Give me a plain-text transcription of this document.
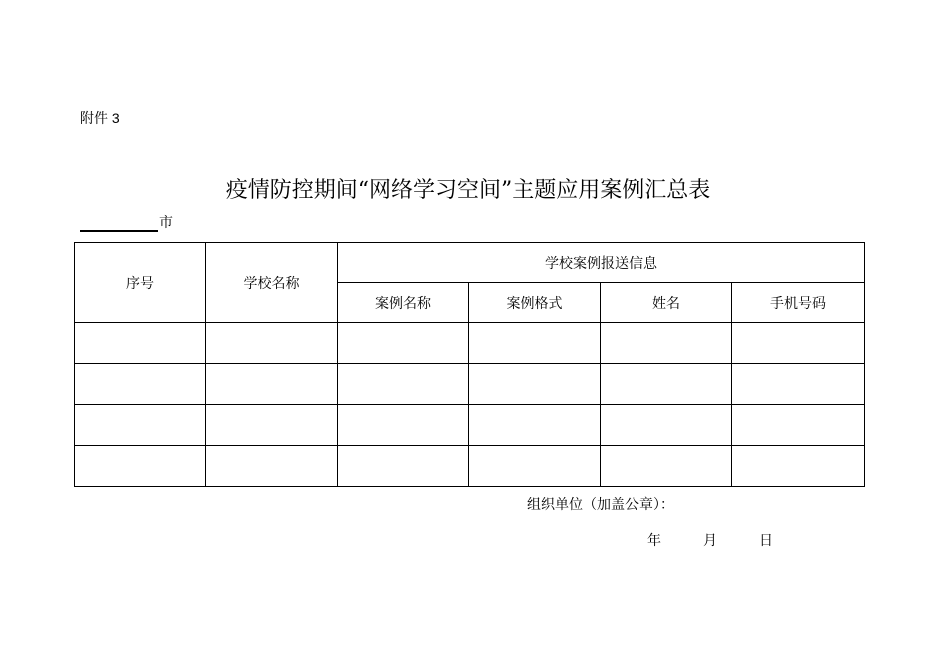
附件 3
疫情防控期间“网络学习空间”主题应用案例汇总表
市
序号	学校名称	学校案例报送信息			
		案例名称	案例格式	姓名	手机号码

组织单位（加盖公章）：
年	月	日
